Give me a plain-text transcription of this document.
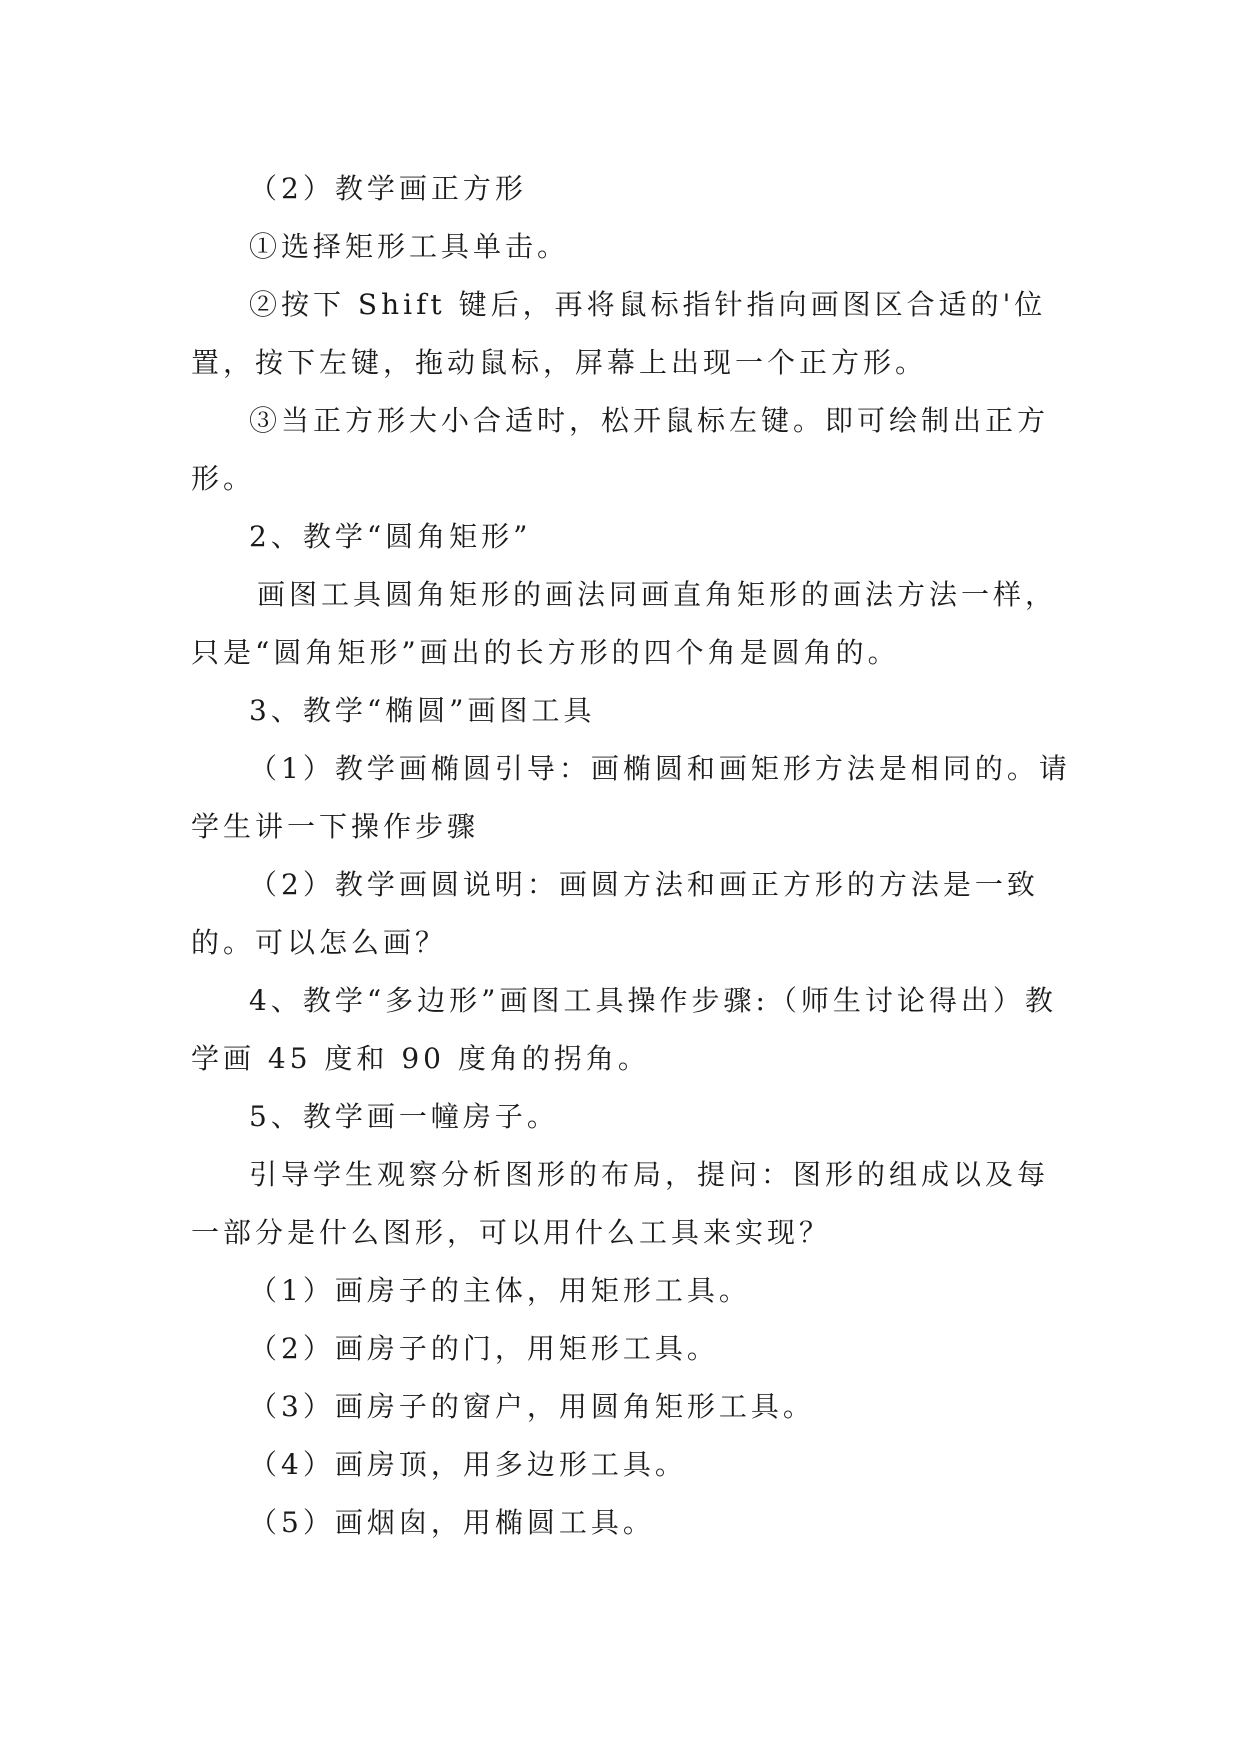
（2）教学画正方形

①选择矩形工具单击。

②按下 Shift 键后，再将鼠标指针指向画图区合适的'位置，按下左键，拖动鼠标，屏幕上出现一个正方形。

③当正方形大小合适时，松开鼠标左键。即可绘制出正方形。

2、教学“圆角矩形”

画图工具圆角矩形的画法同画直角矩形的画法方法一样，只是“圆角矩形”画出的长方形的四个角是圆角的。

3、教学“椭圆”画图工具

（1）教学画椭圆引导：画椭圆和画矩形方法是相同的。请学生讲一下操作步骤

（2）教学画圆说明：画圆方法和画正方形的方法是一致的。可以怎么画？

4、教学“多边形”画图工具操作步骤:（师生讨论得出）教学画 45 度和 90 度角的拐角。

5、教学画一幢房子。

引导学生观察分析图形的布局，提问：图形的组成以及每一部分是什么图形，可以用什么工具来实现？

（1）画房子的主体，用矩形工具。

（2）画房子的门，用矩形工具。

（3）画房子的窗户，用圆角矩形工具。

（4）画房顶，用多边形工具。

（5）画烟囱，用椭圆工具。
